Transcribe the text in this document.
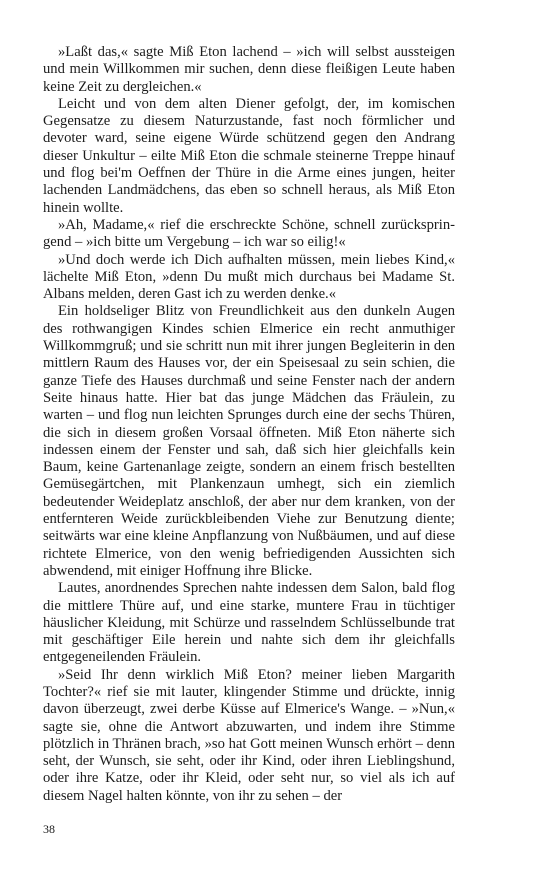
»Laßt das,« sagte Miß Eton lachend – »ich will selbst aussteigen und mein Willkommen mir suchen, denn diese fleißigen Leute haben keine Zeit zu dergleichen.«

Leicht und von dem alten Diener gefolgt, der, im komischen Gegensatze zu diesem Naturzustande, fast noch förmlicher und devoter ward, seine eigene Würde schützend gegen den Andrang dieser Unkultur – eilte Miß Eton die schmale steinerne Treppe hinauf und flog bei'm Oeffnen der Thüre in die Arme eines jungen, heiter lachenden Landmädchens, das eben so schnell heraus, als Miß Eton hinein wollte.

»Ah, Madame,« rief die erschreckte Schöne, schnell zurückspringend – »ich bitte um Vergebung – ich war so eilig!«

»Und doch werde ich Dich aufhalten müssen, mein liebes Kind,« lächelte Miß Eton, »denn Du mußt mich durchaus bei Madame St. Albans melden, deren Gast ich zu werden denke.«

Ein holdseliger Blitz von Freundlichkeit aus den dunkeln Augen des rothwangigen Kindes schien Elmerice ein recht anmuthiger Willkommgruß; und sie schritt nun mit ihrer jungen Begleiterin in den mittlern Raum des Hauses vor, der ein Speisesaal zu sein schien, die ganze Tiefe des Hauses durchmaß und seine Fenster nach der andern Seite hinaus hatte. Hier bat das junge Mädchen das Fräulein, zu warten – und flog nun leichten Sprunges durch eine der sechs Thüren, die sich in diesem großen Vorsaal öffneten. Miß Eton näherte sich indessen einem der Fenster und sah, daß sich hier gleichfalls kein Baum, keine Gartenanlage zeigte, sondern an einem frisch bestellten Gemüsegärtchen, mit Plankenzaun umhegt, sich ein ziemlich bedeutender Weideplatz anschloß, der aber nur dem kranken, von der entfernteren Weide zurückbleibenden Viehe zur Benutzung diente; seitwärts war eine kleine Anpflanzung von Nußbäumen, und auf diese richtete Elmerice, von den wenig befriedigenden Aussichten sich abwendend, mit einiger Hoffnung ihre Blicke.

Lautes, anordnendes Sprechen nahte indessen dem Salon, bald flog die mittlere Thüre auf, und eine starke, muntere Frau in tüchtiger häuslicher Kleidung, mit Schürze und rasselndem Schlüsselbunde trat mit geschäftiger Eile herein und nahte sich dem ihr gleichfalls entgegeneilenden Fräulein.

»Seid Ihr denn wirklich Miß Eton? meiner lieben Margarith Tochter?« rief sie mit lauter, klingender Stimme und drückte, innig davon überzeugt, zwei derbe Küsse auf Elmerice's Wange. – »Nun,« sagte sie, ohne die Antwort abzuwarten, und indem ihre Stimme plötzlich in Thränen brach, »so hat Gott meinen Wunsch erhört – denn seht, der Wunsch, sie seht, oder ihr Kind, oder ihren Lieblingshund, oder ihre Katze, oder ihr Kleid, oder seht nur, so viel als ich auf diesem Nagel halten könnte, von ihr zu sehen – der

38
